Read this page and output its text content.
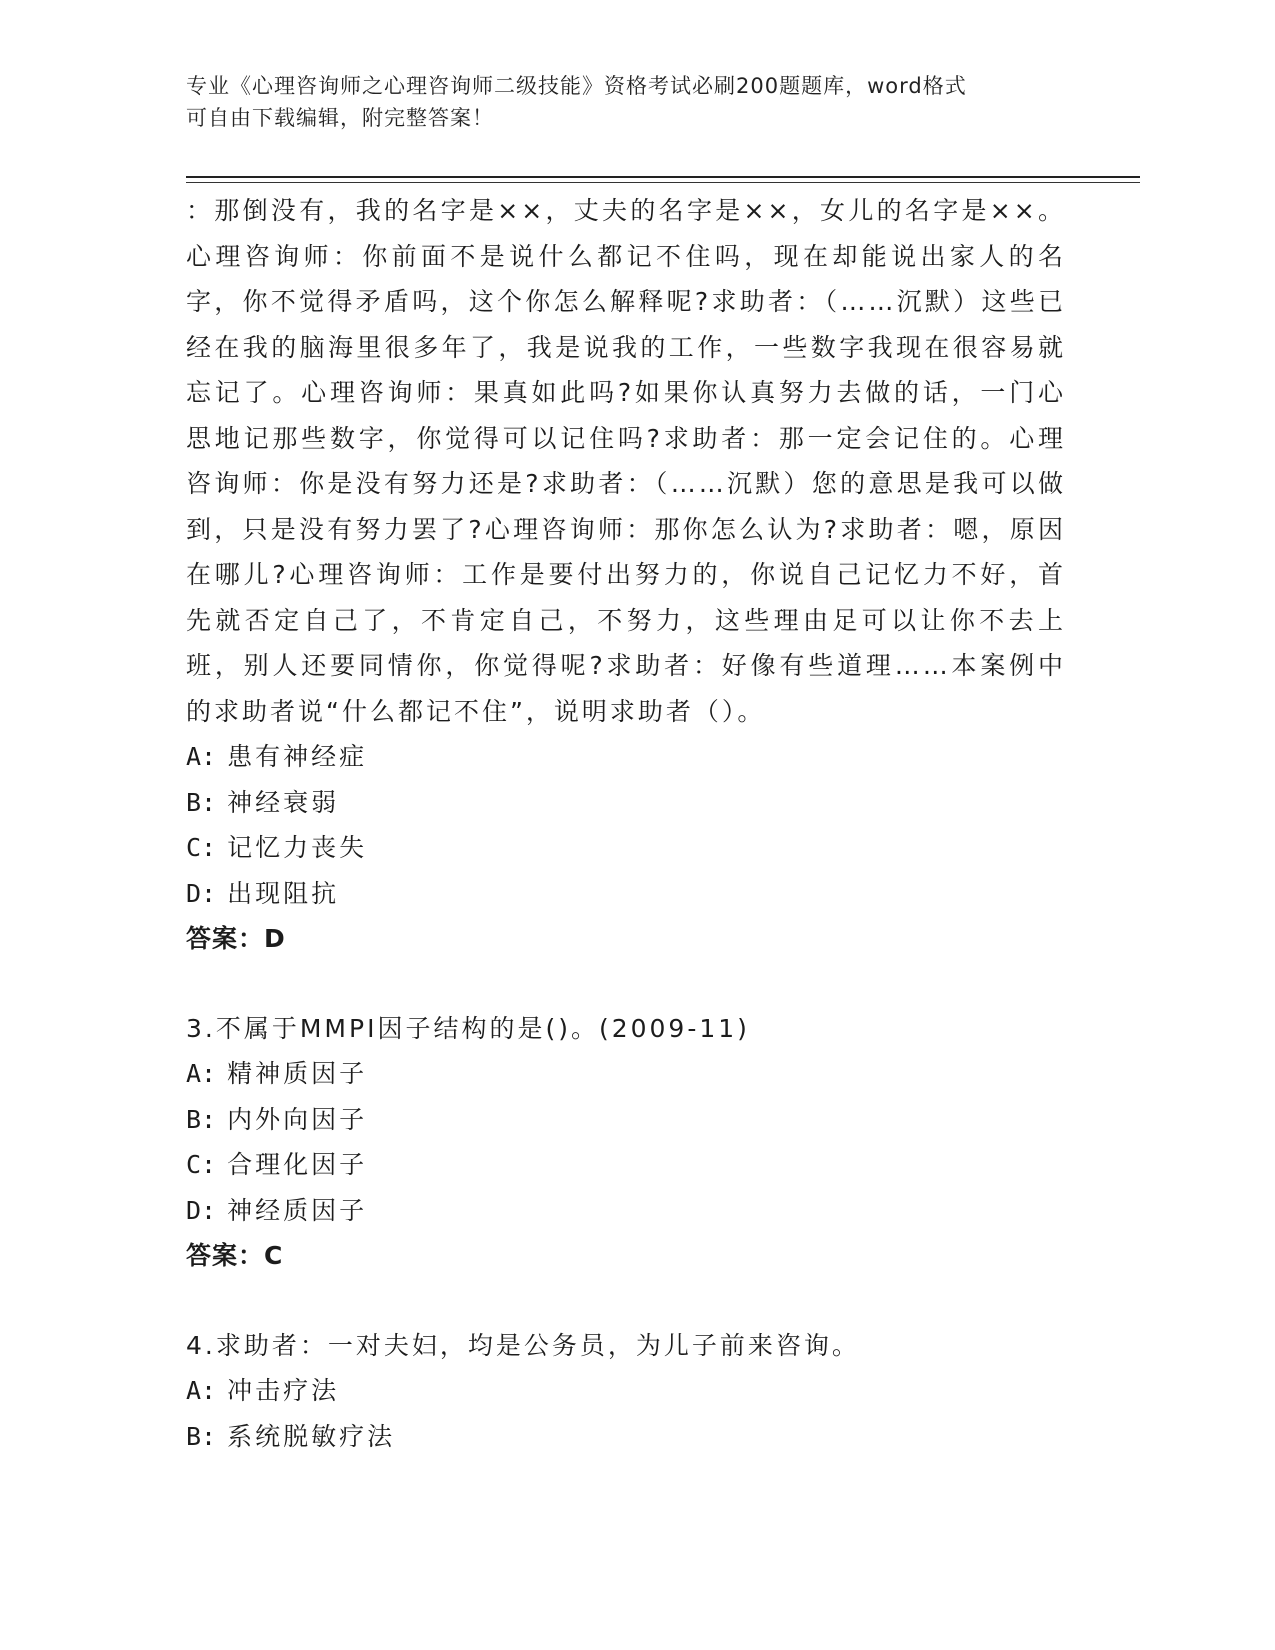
专业《心理咨询师之心理咨询师二级技能》资格考试必刷200题题库，word格式
可自由下载编辑，附完整答案！

：那倒没有，我的名字是××，丈夫的名字是××，女儿的名字是××。心理咨询师：你前面不是说什么都记不住吗，现在却能说出家人的名字，你不觉得矛盾吗，这个你怎么解释呢?求助者：（……沉默）这些已经在我的脑海里很多年了，我是说我的工作，一些数字我现在很容易就忘记了。心理咨询师：果真如此吗?如果你认真努力去做的话，一门心思地记那些数字，你觉得可以记住吗?求助者：那一定会记住的。心理咨询师：你是没有努力还是?求助者：（……沉默）您的意思是我可以做到，只是没有努力罢了?心理咨询师：那你怎么认为?求助者：嗯，原因在哪儿?心理咨询师：工作是要付出努力的，你说自己记忆力不好，首先就否定自己了，不肯定自己，不努力，这些理由足可以让你不去上班，别人还要同情你，你觉得呢?求助者：好像有些道理……本案例中的求助者说“什么都记不住”，说明求助者（）。

A: 患有神经症

B: 神经衰弱

C: 记忆力丧失

D: 出现阻抗

答案：D

3.不属于MMPI因子结构的是()。(2009-11)

A: 精神质因子

B: 内外向因子

C: 合理化因子

D: 神经质因子

答案：C

4.求助者：一对夫妇，均是公务员，为儿子前来咨询。

A: 冲击疗法

B: 系统脱敏疗法
